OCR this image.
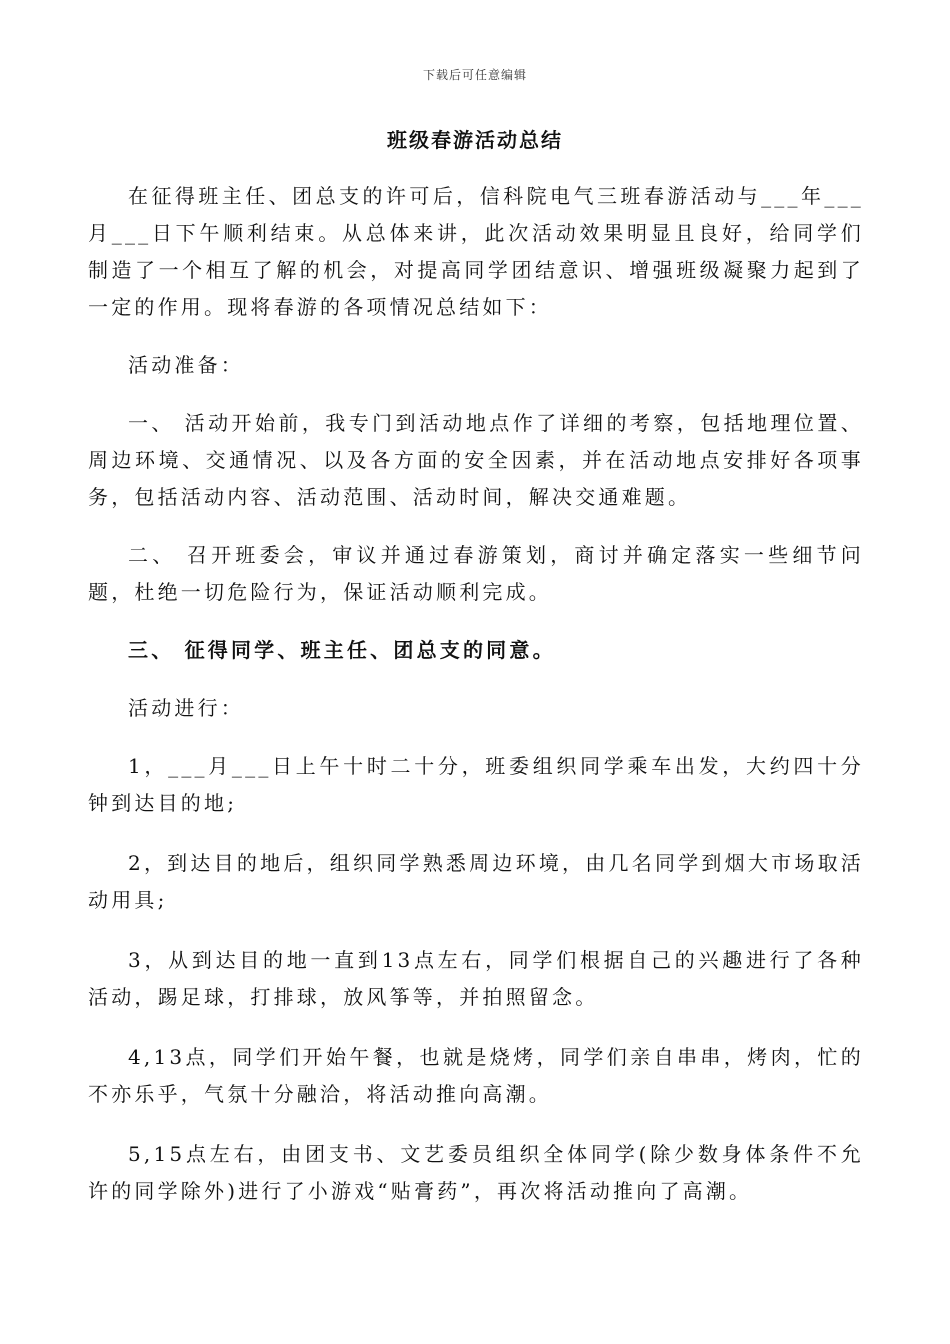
下载后可任意编辑
班级春游活动总结

在征得班主任、团总支的许可后，信科院电气三班春游活动与___年___月___日下午顺利结束。从总体来讲，此次活动效果明显且良好，给同学们制造了一个相互了解的机会，对提高同学团结意识、增强班级凝聚力起到了一定的作用。现将春游的各项情况总结如下：

活动准备：

一、 活动开始前，我专门到活动地点作了详细的考察，包括地理位置、周边环境、交通情况、以及各方面的安全因素，并在活动地点安排好各项事务，包括活动内容、活动范围、活动时间，解决交通难题。

二、 召开班委会，审议并通过春游策划，商讨并确定落实一些细节问题，杜绝一切危险行为，保证活动顺利完成。

三、 征得同学、班主任、团总支的同意。

活动进行：

1，___月___日上午十时二十分，班委组织同学乘车出发，大约四十分钟到达目的地;

2，到达目的地后，组织同学熟悉周边环境，由几名同学到烟大市场取活动用具;

3，从到达目的地一直到13点左右，同学们根据自己的兴趣进行了各种活动，踢足球，打排球，放风筝等，并拍照留念。

4,13点，同学们开始午餐，也就是烧烤，同学们亲自串串，烤肉，忙的不亦乐乎，气氛十分融洽，将活动推向高潮。

5,15点左右，由团支书、文艺委员组织全体同学(除少数身体条件不允许的同学除外)进行了小游戏“贴膏药”，再次将活动推向了高潮。
